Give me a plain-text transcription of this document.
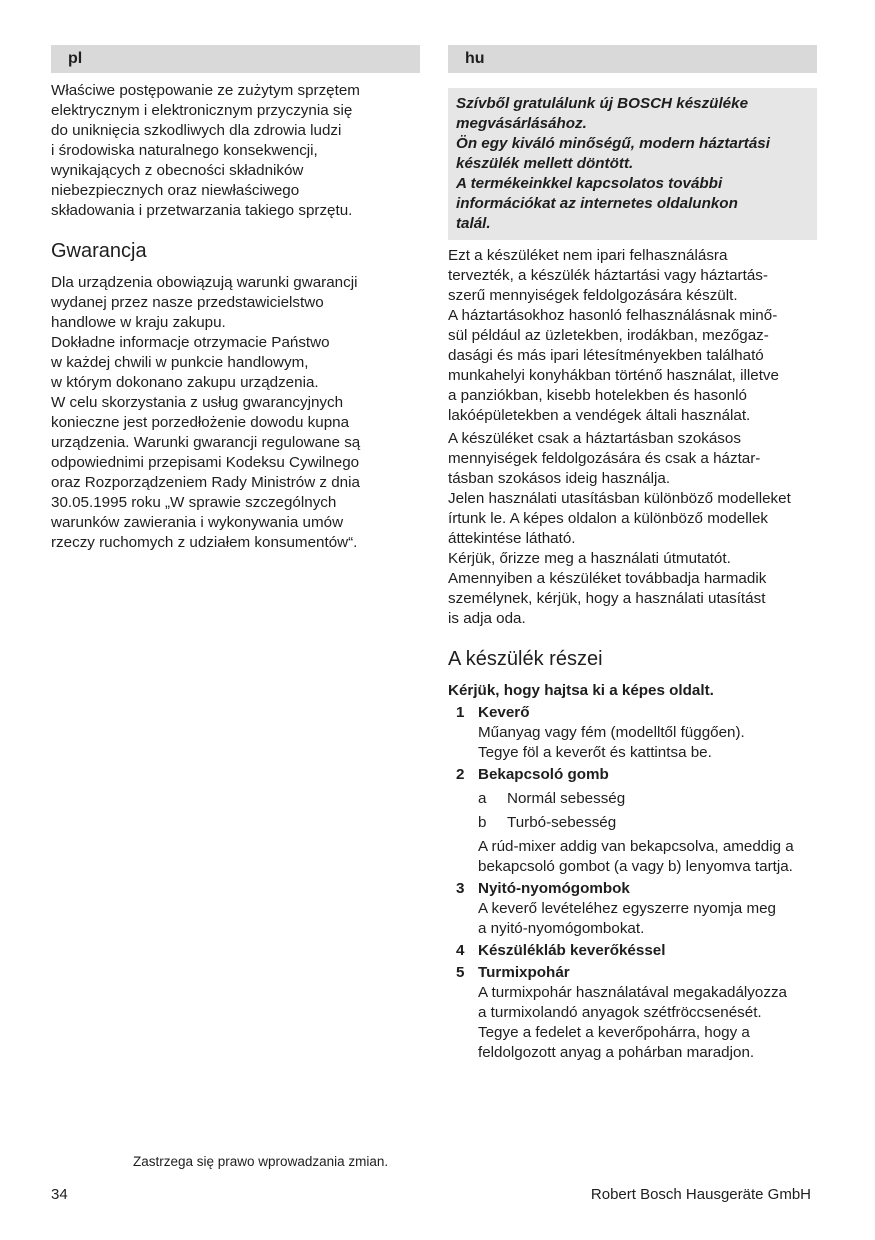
pl

Właściwe postępowanie ze zużytym sprzętem
elektrycznym i elektronicznym przyczynia się
do uniknięcia szkodliwych dla zdrowia ludzi
i środowiska naturalnego konsekwencji,
wynikających z obecności składników
niebezpiecznych oraz niewłaściwego
składowania i przetwarzania takiego sprzętu.

Gwarancja

Dla urządzenia obowiązują warunki gwarancji
wydanej przez nasze przedstawicielstwo
handlowe w kraju zakupu.
Dokładne informacje otrzymacie Państwo
w każdej chwili w punkcie handlowym,
w którym dokonano zakupu urządzenia.
W celu skorzystania z usług gwarancyjnych
konieczne jest porzedłożenie dowodu kupna
urządzenia. Warunki gwarancji regulowane są
odpowiednimi przepisami Kodeksu Cywilnego
oraz Rozporządzeniem Rady Ministrów z dnia
30.05.1995 roku „W sprawie szczególnych
warunków zawierania i wykonywania umów
rzeczy ruchomych z udziałem konsumentów“.

hu

Szívből gratulálunk új BOSCH készüléke
megvásárlásához.
Ön egy kiváló minőségű, modern háztartási
készülék mellett döntött.
A termékeinkkel kapcsolatos további
információkat az internetes oldalunkon
talál.

Ezt a készüléket nem ipari felhasználásra
tervezték, a készülék háztartási vagy háztartás-
szerű mennyiségek feldolgozására készült.
A háztartásokhoz hasonló felhasználásnak minő-
sül például az üzletekben, irodákban, mezőgaz-
dasági és más ipari létesítményekben található
munkahelyi konyhákban történő használat, illetve
a panziókban, kisebb hotelekben és hasonló
lakóépületekben a vendégek általi használat.

A készüléket csak a háztartásban szokásos
mennyiségek feldolgozására és csak a háztar-
tásban szokásos ideig használja.
Jelen használati utasításban különböző modelleket
írtunk le. A képes oldalon a különböző modellek
áttekintése látható.
Kérjük, őrizze meg a használati útmutatót.
Amennyiben a készüléket továbbadja harmadik
személynek, kérjük, hogy a használati utasítást
is adja oda.

A készülék részei

Kérjük, hogy hajtsa ki a képes oldalt.

1 Keverő
Műanyag vagy fém (modelltől függően).
Tegye föl a keverőt és kattintsa be.
2 Bekapcsoló gomb
a Normál sebesség
b Turbó-sebesség
A rúd-mixer addig van bekapcsolva, ameddig a
bekapcsoló gombot (a vagy b) lenyomva tartja.
3 Nyitó-nyomógombok
A keverő levételéhez egyszerre nyomja meg
a nyitó-nyomógombokat.
4 Készülékláb keverőkéssel
5 Turmixpohár
A turmixpohár használatával megakadályozza
a turmixolandó anyagok szétfröccsenését.
Tegye a fedelet a keverőpohárra, hogy a
feldolgozott anyag a pohárban maradjon.
Zastrzega się prawo wprowadzania zmian.
34	Robert Bosch Hausgeräte GmbH
